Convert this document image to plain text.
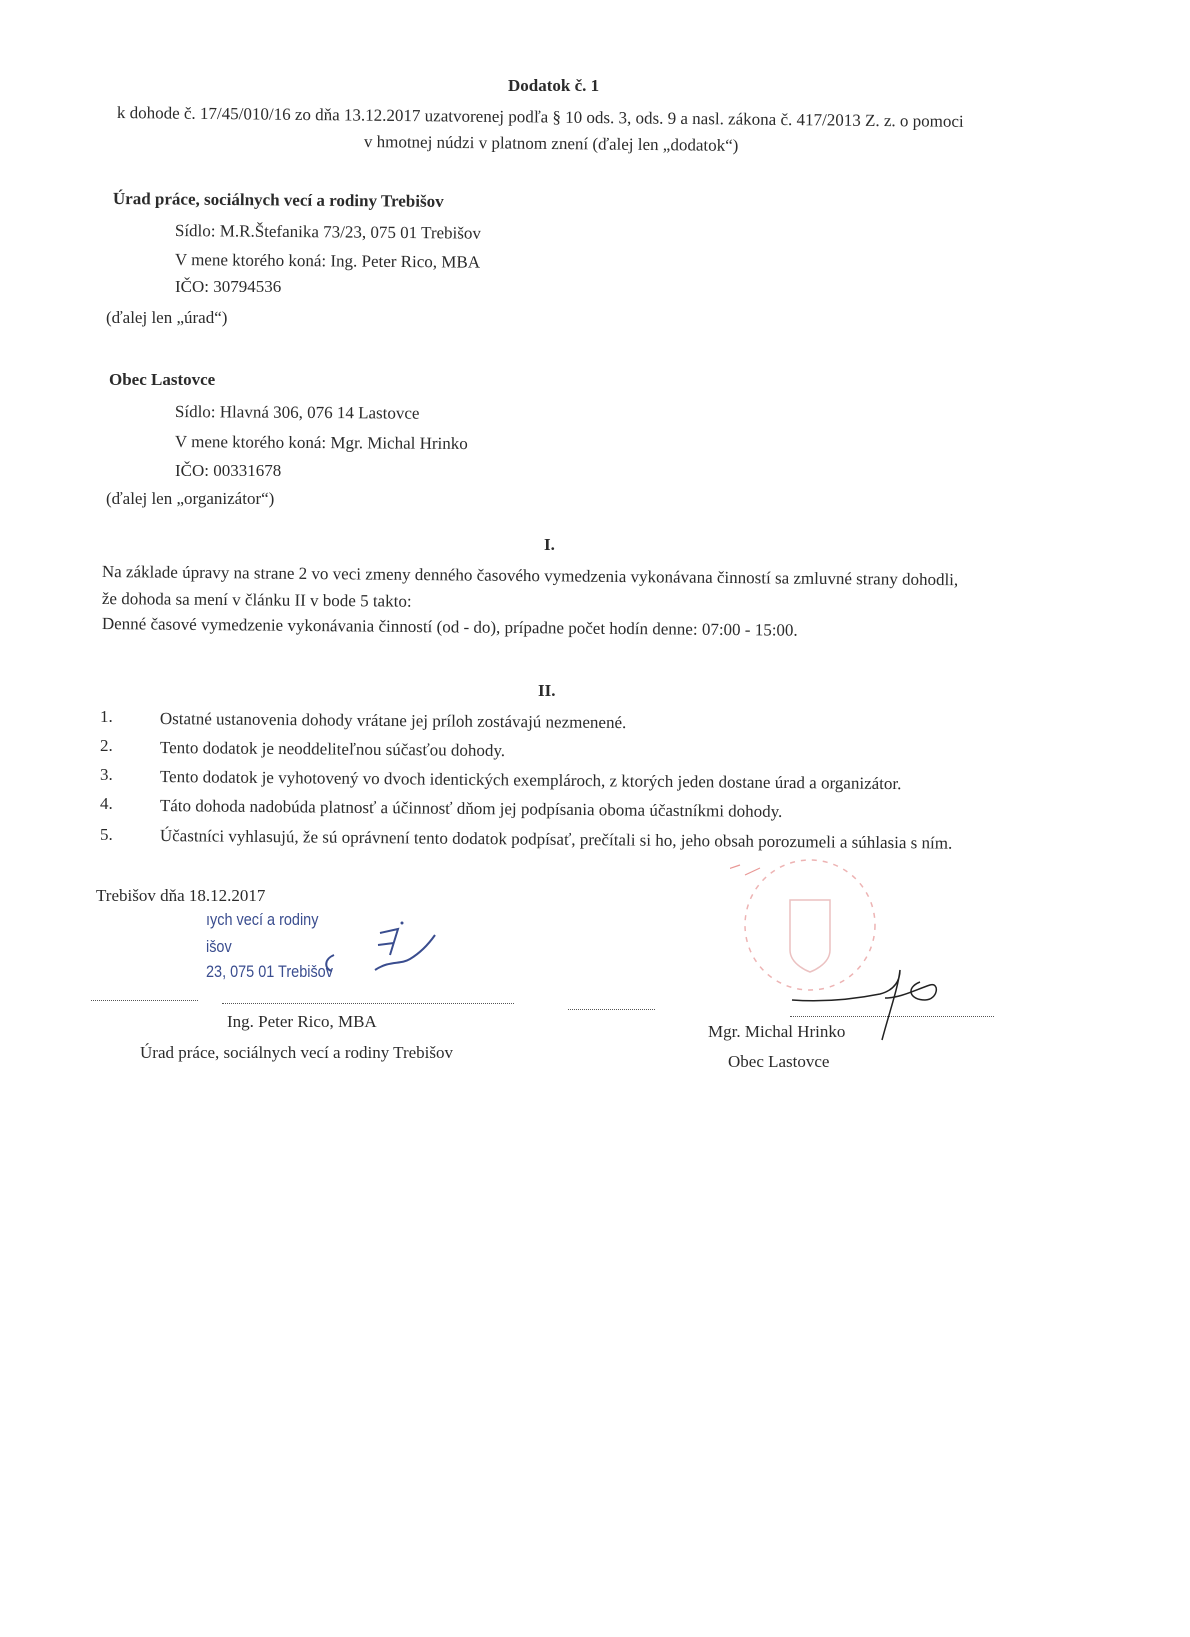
Dodatok č. 1
k dohode č. 17/45/010/16 zo dňa 13.12.2017 uzatvorenej podľa § 10 ods. 3, ods. 9 a nasl. zákona č. 417/2013 Z. z. o pomoci
v hmotnej núdzi v platnom znení (ďalej len „dodatok“)
Úrad práce, sociálnych vecí a rodiny Trebišov
Sídlo: M.R.Štefanika 73/23, 075 01 Trebišov
V mene ktorého koná: Ing. Peter Rico, MBA
IČO: 30794536
(ďalej len „úrad“)
Obec Lastovce
Sídlo: Hlavná 306, 076 14 Lastovce
V mene ktorého koná: Mgr. Michal Hrinko
IČO: 00331678
(ďalej len „organizátor“)
I.
Na základe úpravy na strane 2 vo veci zmeny denného časového vymedzenia vykonávana činností sa zmluvné strany dohodli,
že dohoda sa mení v článku II v bode 5 takto:
Denné časové vymedzenie vykonávania činností (od - do), prípadne počet hodín denne: 07:00 - 15:00.
II.
1.	Ostatné ustanovenia dohody vrátane jej príloh zostávajú nezmenené.
2.	Tento dodatok je neoddeliteľnou súčasťou dohody.
3.	Tento dodatok je vyhotovený vo dvoch identických exemplároch, z ktorých jeden dostane úrad a organizátor.
4.	Táto dohoda nadobúda platnosť a účinnosť dňom jej podpísania oboma účastníkmi dohody.
5.	Účastníci vyhlasujú, že sú oprávnení tento dodatok podpísať, prečítali si ho, jeho obsah porozumeli a súhlasia s ním.
Trebišov dňa 18.12.2017
ıych vecí a rodiny
išov
23, 075 01 Trebišov
Ing. Peter Rico, MBA
Úrad práce, sociálnych vecí a rodiny Trebišov
Mgr. Michal Hrinko
Obec Lastovce
